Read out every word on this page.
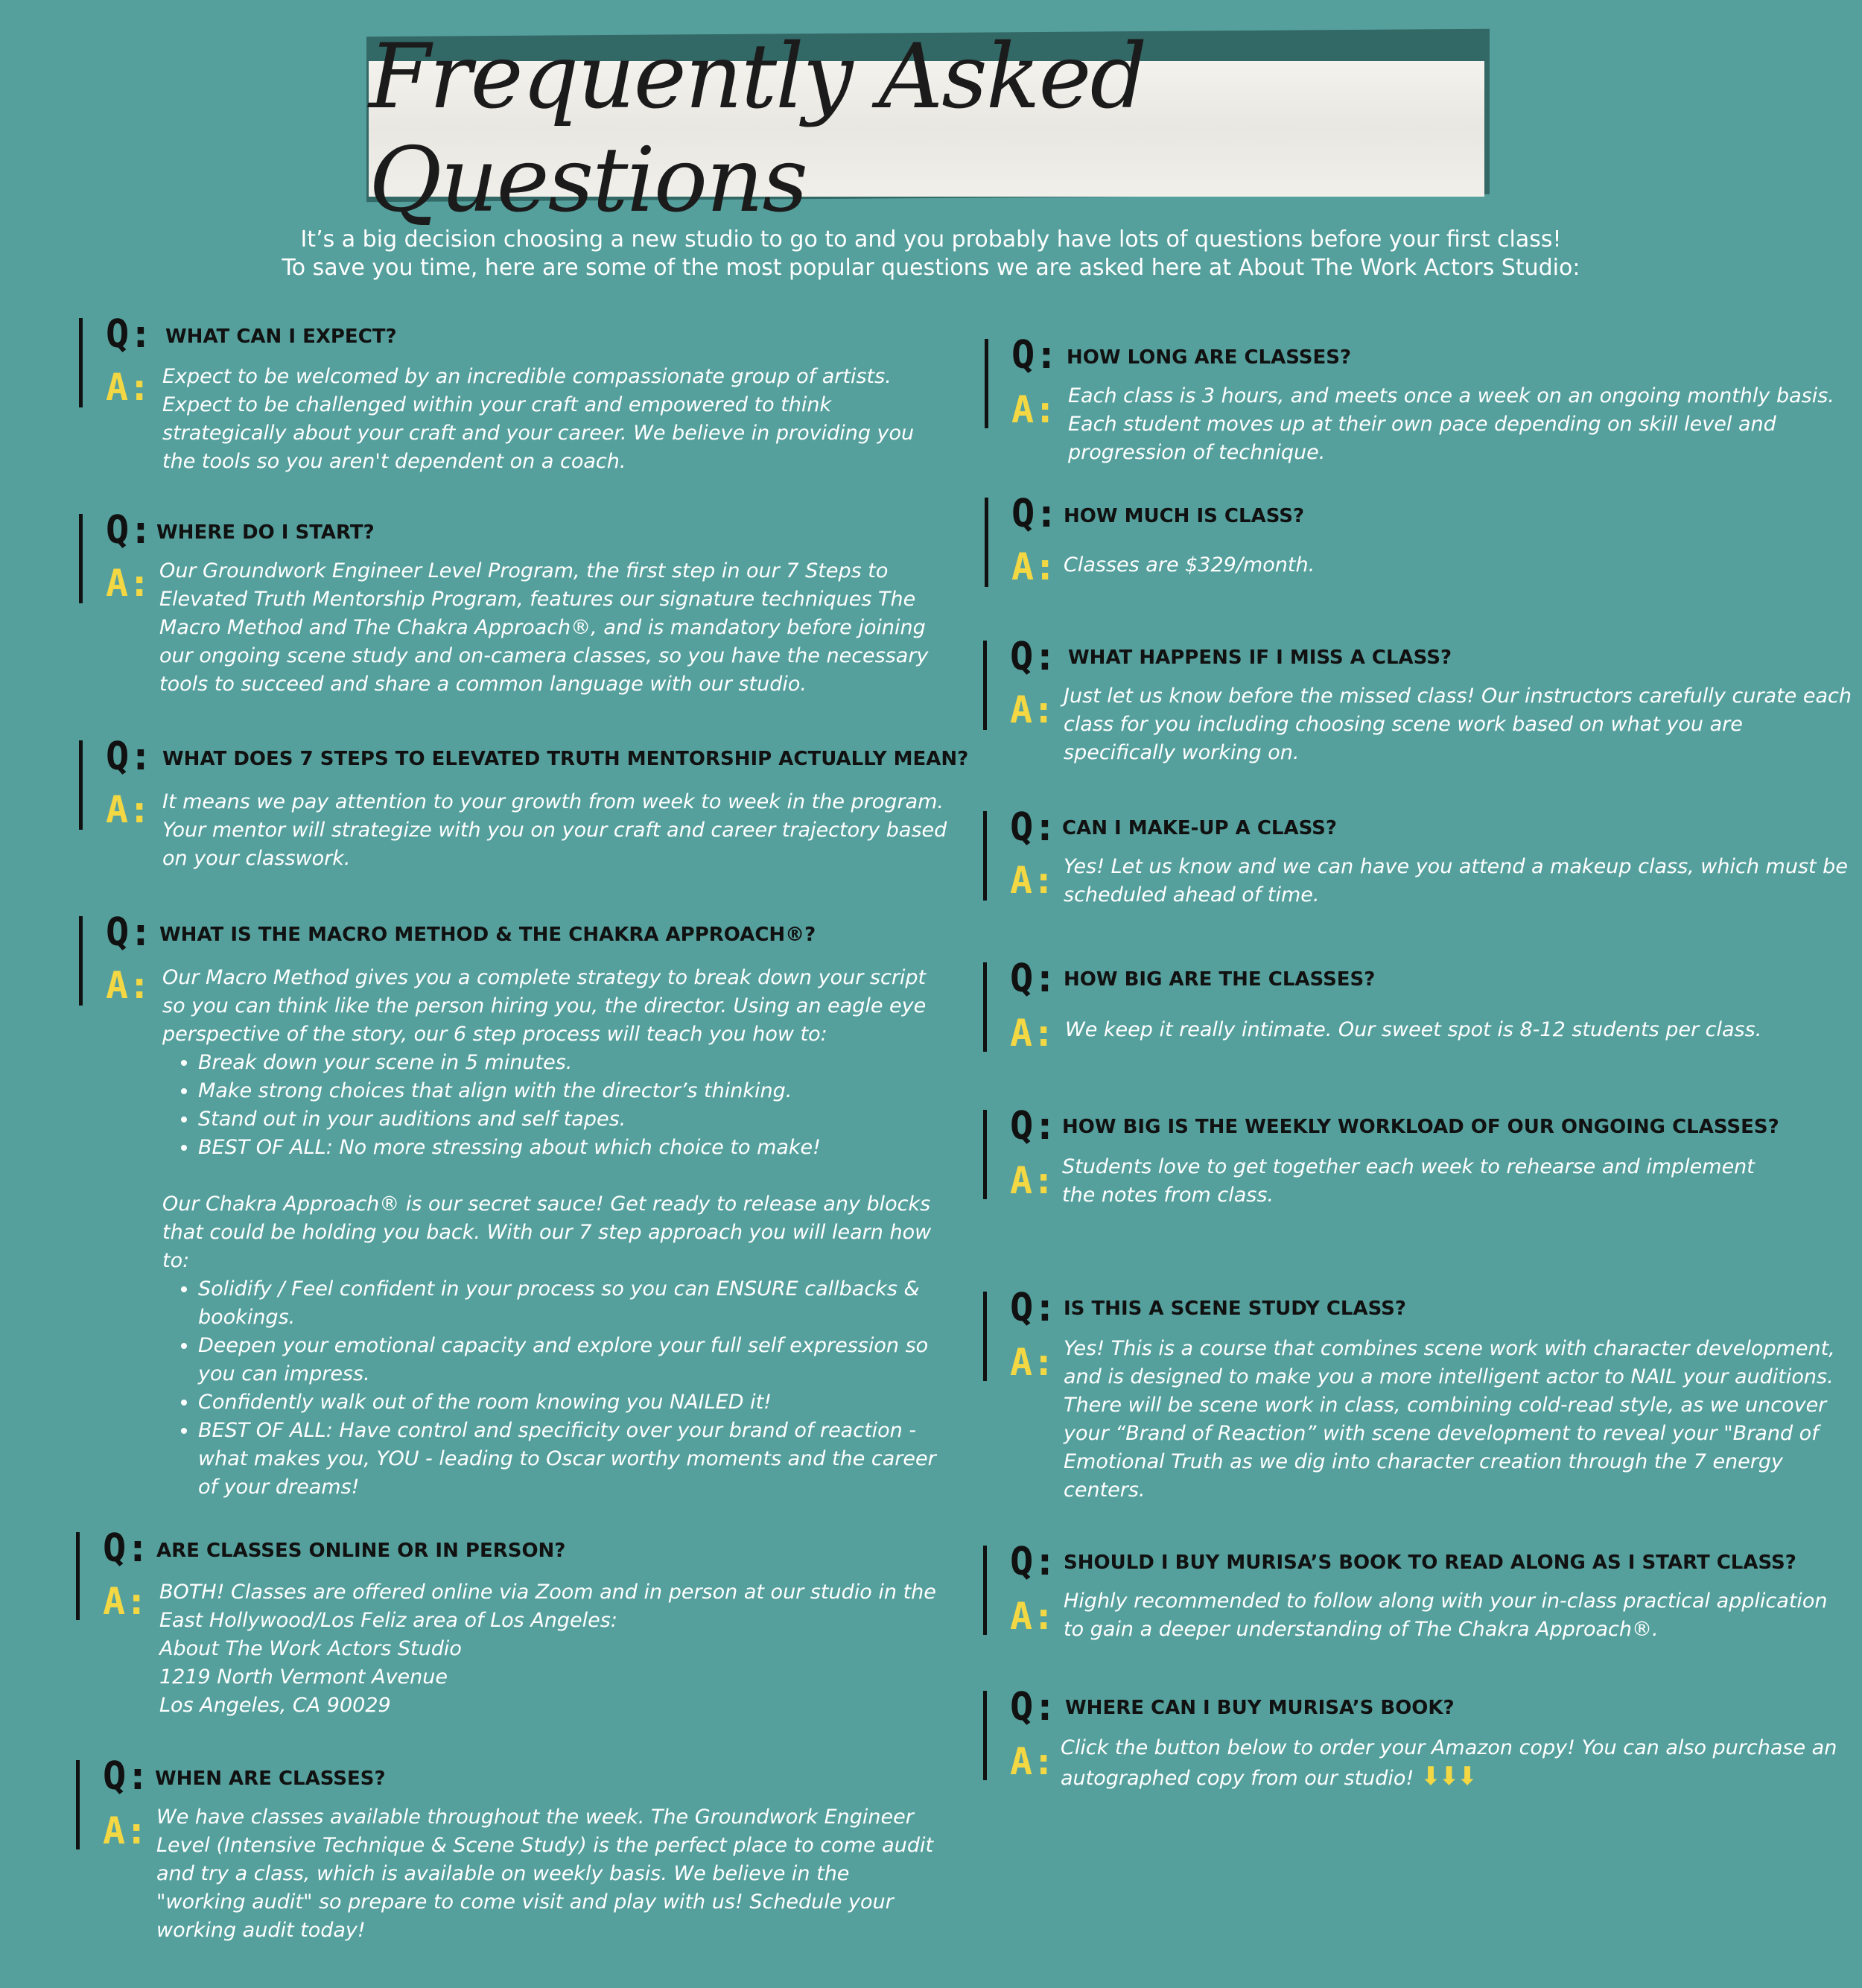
Frequently Asked Questions
It’s a big decision choosing a new studio to go to and you probably have lots of questions before your first class!
To save you time, here are some of the most popular questions we are asked here at About The Work Actors Studio:
Q:
A:
WHAT CAN I EXPECT?
Expect to be welcomed by an incredible compassionate group of artists.
Expect to be challenged within your craft and empowered to think
strategically about your craft and your career. We believe in providing you
the tools so you aren't dependent on a coach.
Q:
A:
WHERE DO I START?
Our Groundwork Engineer Level Program, the first step in our 7 Steps to
Elevated Truth Mentorship Program, features our signature techniques The
Macro Method and The Chakra Approach®, and is mandatory before joining
our ongoing scene study and on-camera classes, so you have the necessary
tools to succeed and share a common language with our studio.
Q:
A:
WHAT DOES 7 STEPS TO ELEVATED TRUTH MENTORSHIP ACTUALLY MEAN?
It means we pay attention to your growth from week to week in the program.
Your mentor will strategize with you on your craft and career trajectory based
on your classwork.
Q:
A:
WHAT IS THE MACRO METHOD & THE CHAKRA APPROACH®?
Our Macro Method gives you a complete strategy to break down your script
so you can think like the person hiring you, the director. Using an eagle eye
perspective of the story, our 6 step process will teach you how to:
• Break down your scene in 5 minutes.
• Make strong choices that align with the director’s thinking.
• Stand out in your auditions and self tapes.
• BEST OF ALL: No more stressing about which choice to make!
Our Chakra Approach® is our secret sauce! Get ready to release any blocks
that could be holding you back. With our 7 step approach you will learn how
to:
• Solidify / Feel confident in your process so you can ENSURE callbacks &
bookings.
• Deepen your emotional capacity and explore your full self expression so
you can impress.
• Confidently walk out of the room knowing you NAILED it!
• BEST OF ALL: Have control and specificity over your brand of reaction -
what makes you, YOU - leading to Oscar worthy moments and the career
of your dreams!
Q:
A:
ARE CLASSES ONLINE OR IN PERSON?
BOTH! Classes are offered online via Zoom and in person at our studio in the
East Hollywood/Los Feliz area of Los Angeles:
About The Work Actors Studio
1219 North Vermont Avenue
Los Angeles, CA 90029
Q:
A:
WHEN ARE CLASSES?
We have classes available throughout the week. The Groundwork Engineer
Level (Intensive Technique & Scene Study) is the perfect place to come audit
and try a class, which is available on weekly basis. We believe in the
"working audit" so prepare to come visit and play with us! Schedule your
working audit today!
Q:
A:
HOW LONG ARE CLASSES?
Each class is 3 hours, and meets once a week on an ongoing monthly basis.
Each student moves up at their own pace depending on skill level and
progression of technique.
Q:
A:
HOW MUCH IS CLASS?
Classes are $329/month.
Q:
A:
WHAT HAPPENS IF I MISS A CLASS?
Just let us know before the missed class! Our instructors carefully curate each
class for you including choosing scene work based on what you are
specifically working on.
Q:
A:
CAN I MAKE-UP A CLASS?
Yes! Let us know and we can have you attend a makeup class, which must be
scheduled ahead of time.
Q:
A:
HOW BIG ARE THE CLASSES?
We keep it really intimate. Our sweet spot is 8-12 students per class.
Q:
A:
HOW BIG IS THE WEEKLY WORKLOAD OF OUR ONGOING CLASSES?
Students love to get together each week to rehearse and implement
the notes from class.
Q:
A:
IS THIS A SCENE STUDY CLASS?
Yes! This is a course that combines scene work with character development,
and is designed to make you a more intelligent actor to NAIL your auditions.
There will be scene work in class, combining cold-read style, as we uncover
your “Brand of Reaction” with scene development to reveal your "Brand of
Emotional Truth as we dig into character creation through the 7 energy
centers.
Q:
A:
SHOULD I BUY MURISA’S BOOK TO READ ALONG AS I START CLASS?
Highly recommended to follow along with your in-class practical application
to gain a deeper understanding of The Chakra Approach®.
Q:
A:
WHERE CAN I BUY MURISA’S BOOK?
Click the button below to order your Amazon copy! You can also purchase an
autographed copy from our studio! ⬇⬇⬇
